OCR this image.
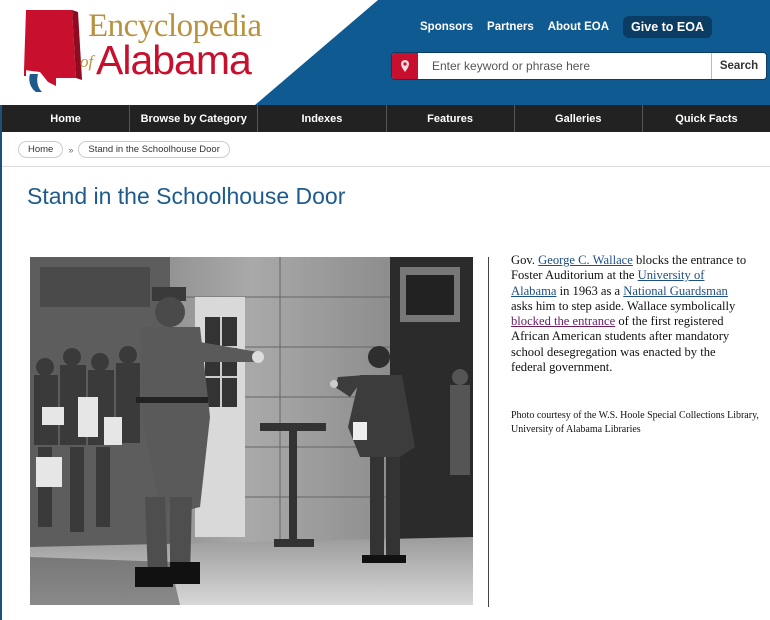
Encyclopedia
of Alabama
Sponsors Partners About EOA	Give to EOA
Enter keyword or phrase here
Search
Home	Browse by Category	Indexes	Features	Galleries	Quick Facts
Home	»	Stand in the Schoolhouse Door
Stand in the Schoolhouse Door
Gov. George C. Wallace blocks the entrance to Foster Auditorium at the University of Alabama in 1963 as a National Guardsman asks him to step aside. Wallace symbolically blocked the entrance of the first registered African American students after mandatory school desegregation was enacted by the federal government.
Photo courtesy of the W.S. Hoole Special Collections Library, University of Alabama Libraries
